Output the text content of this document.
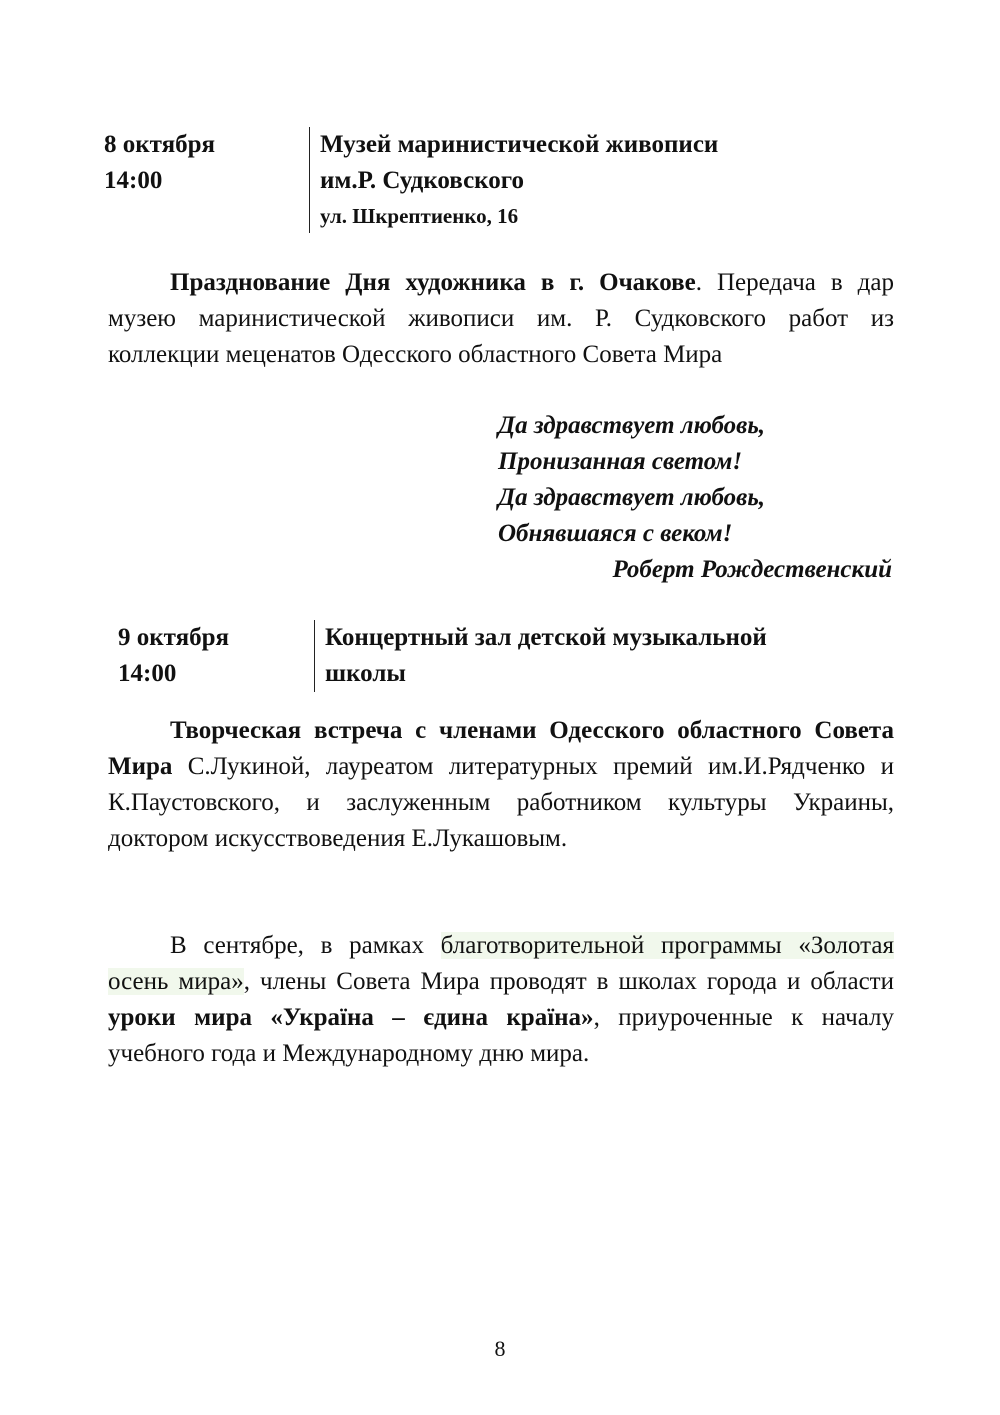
8 октября
14:00
Музей маринистической живописи
им.Р. Судковского
ул. Шкрептиенко, 16
Празднование Дня художника в г. Очакове. Передача в дар музею маринистической живописи им. Р. Судковского работ из коллекции меценатов Одесского областного Совета Мира
Да здравствует любовь,
Пронизанная светом!
Да здравствует любовь,
Обнявшаяся с веком!
Роберт Рождественский
9 октября
14:00
Концертный зал детской музыкальной
школы
Творческая встреча с членами Одесского областного Совета Мира С.Лукиной, лауреатом литературных премий им.И.Рядченко и К.Паустовского, и заслуженным работником культуры Украины, доктором искусствоведения Е.Лукашовым.
В сентябре, в рамках благотворительной программы «Золотая осень мира», члены Совета Мира проводят в школах города и области уроки мира «Україна – єдина країна», приуроченные к началу учебного года и Международному дню мира.
8
